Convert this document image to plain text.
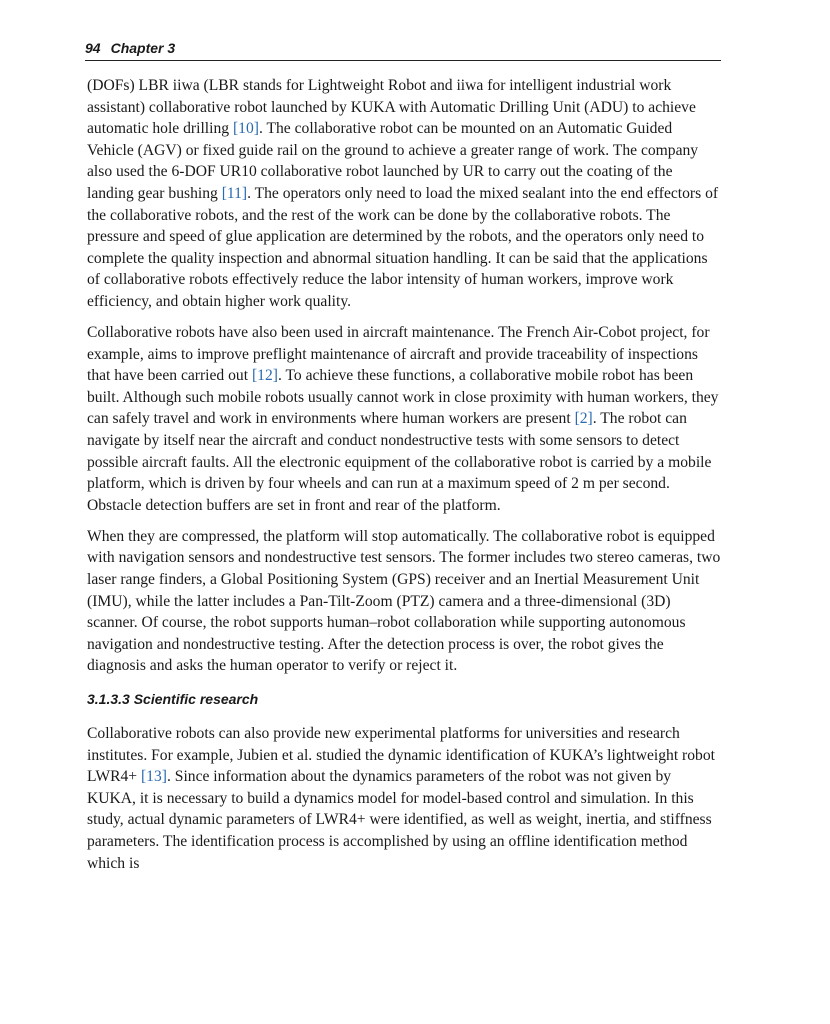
94 Chapter 3

(DOFs) LBR iiwa (LBR stands for Lightweight Robot and iiwa for intelligent industrial work assistant) collaborative robot launched by KUKA with Automatic Drilling Unit (ADU) to achieve automatic hole drilling [10]. The collaborative robot can be mounted on an Automatic Guided Vehicle (AGV) or fixed guide rail on the ground to achieve a greater range of work. The company also used the 6-DOF UR10 collaborative robot launched by UR to carry out the coating of the landing gear bushing [11]. The operators only need to load the mixed sealant into the end effectors of the collaborative robots, and the rest of the work can be done by the collaborative robots. The pressure and speed of glue application are determined by the robots, and the operators only need to complete the quality inspection and abnormal situation handling. It can be said that the applications of collaborative robots effectively reduce the labor intensity of human workers, improve work efficiency, and obtain higher work quality.

Collaborative robots have also been used in aircraft maintenance. The French Air-Cobot project, for example, aims to improve preflight maintenance of aircraft and provide traceability of inspections that have been carried out [12]. To achieve these functions, a collaborative mobile robot has been built. Although such mobile robots usually cannot work in close proximity with human workers, they can safely travel and work in environments where human workers are present [2]. The robot can navigate by itself near the aircraft and conduct nondestructive tests with some sensors to detect possible aircraft faults. All the electronic equipment of the collaborative robot is carried by a mobile platform, which is driven by four wheels and can run at a maximum speed of 2 m per second. Obstacle detection buffers are set in front and rear of the platform.

When they are compressed, the platform will stop automatically. The collaborative robot is equipped with navigation sensors and nondestructive test sensors. The former includes two stereo cameras, two laser range finders, a Global Positioning System (GPS) receiver and an Inertial Measurement Unit (IMU), while the latter includes a Pan-Tilt-Zoom (PTZ) camera and a three-dimensional (3D) scanner. Of course, the robot supports human–robot collaboration while supporting autonomous navigation and nondestructive testing. After the detection process is over, the robot gives the diagnosis and asks the human operator to verify or reject it.

3.1.3.3 Scientific research

Collaborative robots can also provide new experimental platforms for universities and research institutes. For example, Jubien et al. studied the dynamic identification of KUKA’s lightweight robot LWR4+ [13]. Since information about the dynamics parameters of the robot was not given by KUKA, it is necessary to build a dynamics model for model-based control and simulation. In this study, actual dynamic parameters of LWR4+ were identified, as well as weight, inertia, and stiffness parameters. The identification process is accomplished by using an offline identification method which is
